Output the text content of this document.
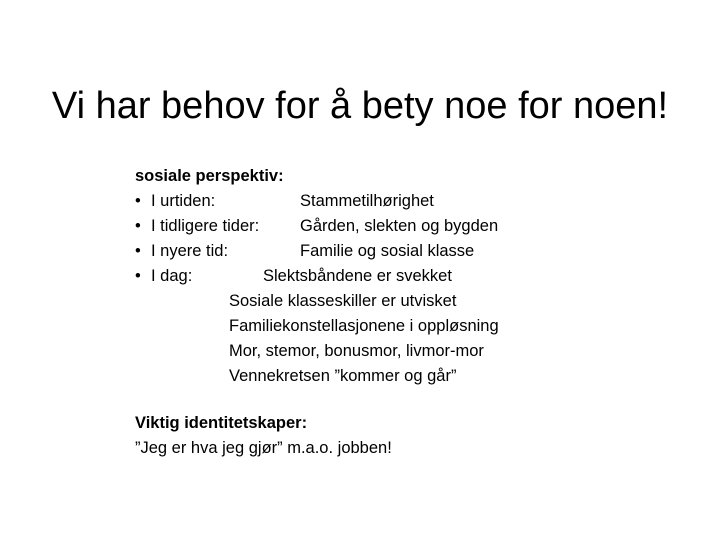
Vi har behov for å bety noe for noen!
sosiale perspektiv:
• I urtiden:	Stammetilhørighet
• I tidligere tider: Gården, slekten og bygden
• I nyere tid:	Familie og sosial klasse
• I dag:	Slektsbåndene er svekket
Sosiale klasseskiller er utvisket
Familiekonstellasjonene i oppløsning
Mor, stemor, bonusmor, livmor-mor
Vennekretsen ”kommer og går”
Viktig identitetskaper:
”Jeg er hva jeg gjør” m.a.o. jobben!
